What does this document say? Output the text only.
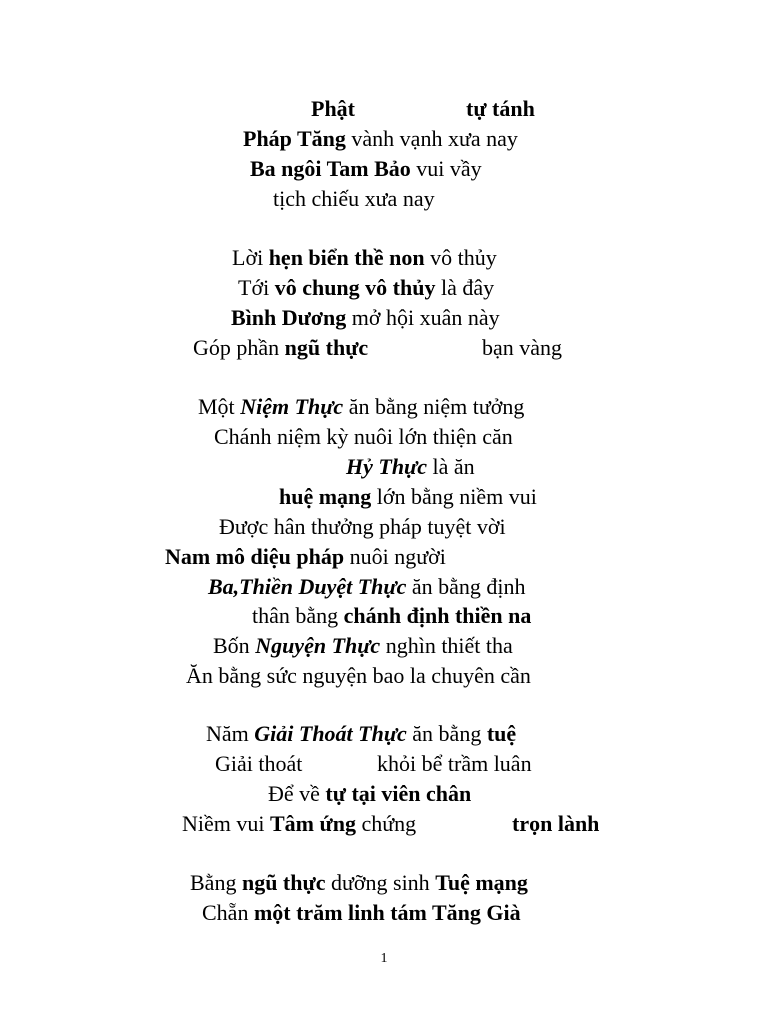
Phật

	tự tánh

Pháp Tăng vành vạnh xưa nay

Ba ngôi Tam Bảo vui vầy

tịch chiếu xưa nay

Lời hẹn biển thề non vô thủy

Tới vô chung vô thủy là đây

Bình Dương mở hội xuân này

Góp phần ngũ thực

	bạn vàng

Một Niệm Thực ăn bằng niệm tưởng

Chánh niệm kỳ nuôi lớn thiện căn

Hỷ Thực là ăn

huệ mạng lớn bằng niềm vui

Được hân thưởng pháp tuyệt vời

Nam mô diệu pháp nuôi người

Ba,Thiền Duyệt Thực ăn bằng định

thân bằng chánh định thiền na

Bốn Nguyện Thực nghìn thiết tha

Ăn bằng sức nguyện bao la chuyên cần

Năm Giải Thoát Thực ăn bằng tuệ

Giải thoát

	khỏi bể trầm luân

Để về tự tại viên chân

Niềm vui Tâm ứng chứng

	trọn lành

Bằng ngũ thực dưỡng sinh Tuệ mạng

Chẵn một trăm linh tám Tăng Già

1
